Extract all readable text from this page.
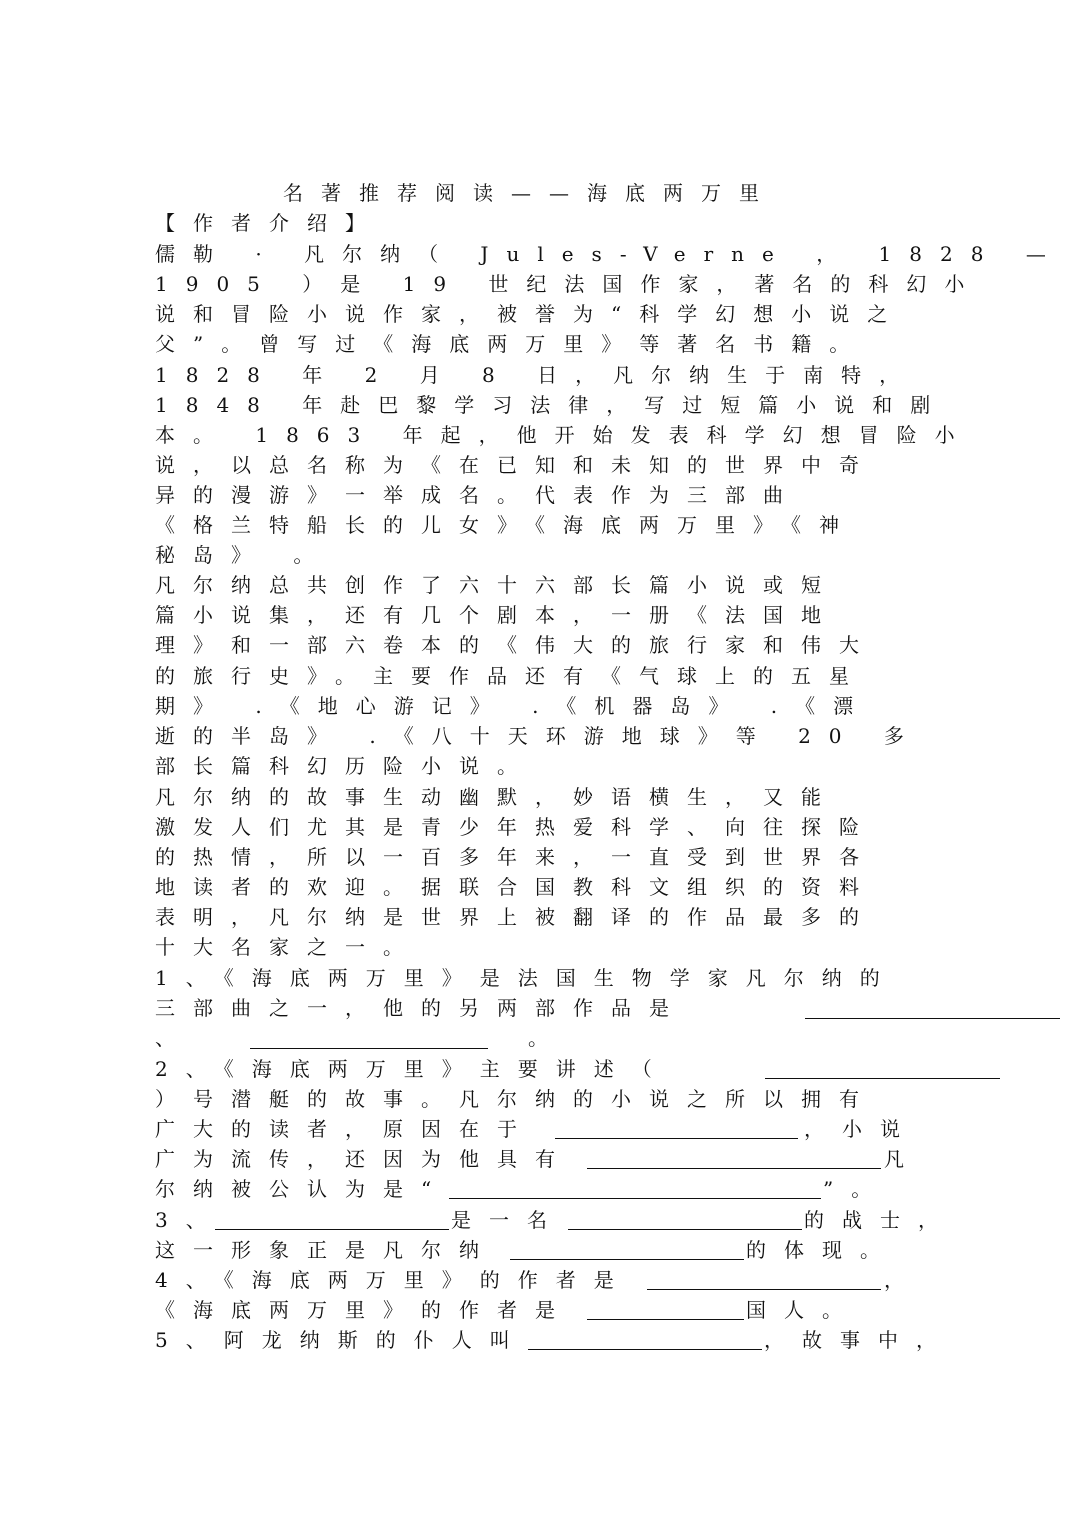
名著推荐阅读——海底两万里
【作者介绍】
儒勒 · 凡尔纳（ Jules-Verne ， 1828 —
1905 ）是 19 世纪法国作家，著名的科幻小
说和冒险小说作家，被誉为“科学幻想小说之
父”。曾写过《海底两万里》等著名书籍。
1828 年 2 月 8 日，凡尔纳生于南特，
1848 年赴巴黎学习法律，写过短篇小说和剧
本。 1863 年起，他开始发表科学幻想冒险小
说，以总名称为《在已知和未知的世界中奇
异的漫游》一举成名。代表作为三部曲
《格兰特船长的儿女》《海底两万里》《神
秘岛》 。
凡尔纳总共创作了六十六部长篇小说或短
篇小说集，还有几个剧本，一册《法国地
理》和一部六卷本的《伟大的旅行家和伟大
的旅行史》。主要作品还有《气球上的五星
期》 .《地心游记》 .《机器岛》 .《漂
逝的半岛》 .《八十天环游地球》等 20 多
部长篇科幻历险小说。
凡尔纳的故事生动幽默，妙语横生，又能
激发人们尤其是青少年热爱科学、向往探险
的热情，所以一百多年来，一直受到世界各
地读者的欢迎。据联合国教科文组织的资料
表明，凡尔纳是世界上被翻译的作品最多的
十大名家之一。
1、《海底两万里》是法国生物学家凡尔纳的
三部曲之一，他的另两部作品是
、	。
2、《海底两万里》主要讲述（
）号潜艇的故事。凡尔纳的小说之所以拥有
广大的读者，原因在于	，小说
广为流传，还因为他具有	凡
尔纳被公认为是“	”。
3、	是一名	的战士，
这一形象正是凡尔纳	的体现。
4、《海底两万里》的作者是	，
《海底两万里》的作者是	国人。
5、阿龙纳斯的仆人叫	，故事中，
